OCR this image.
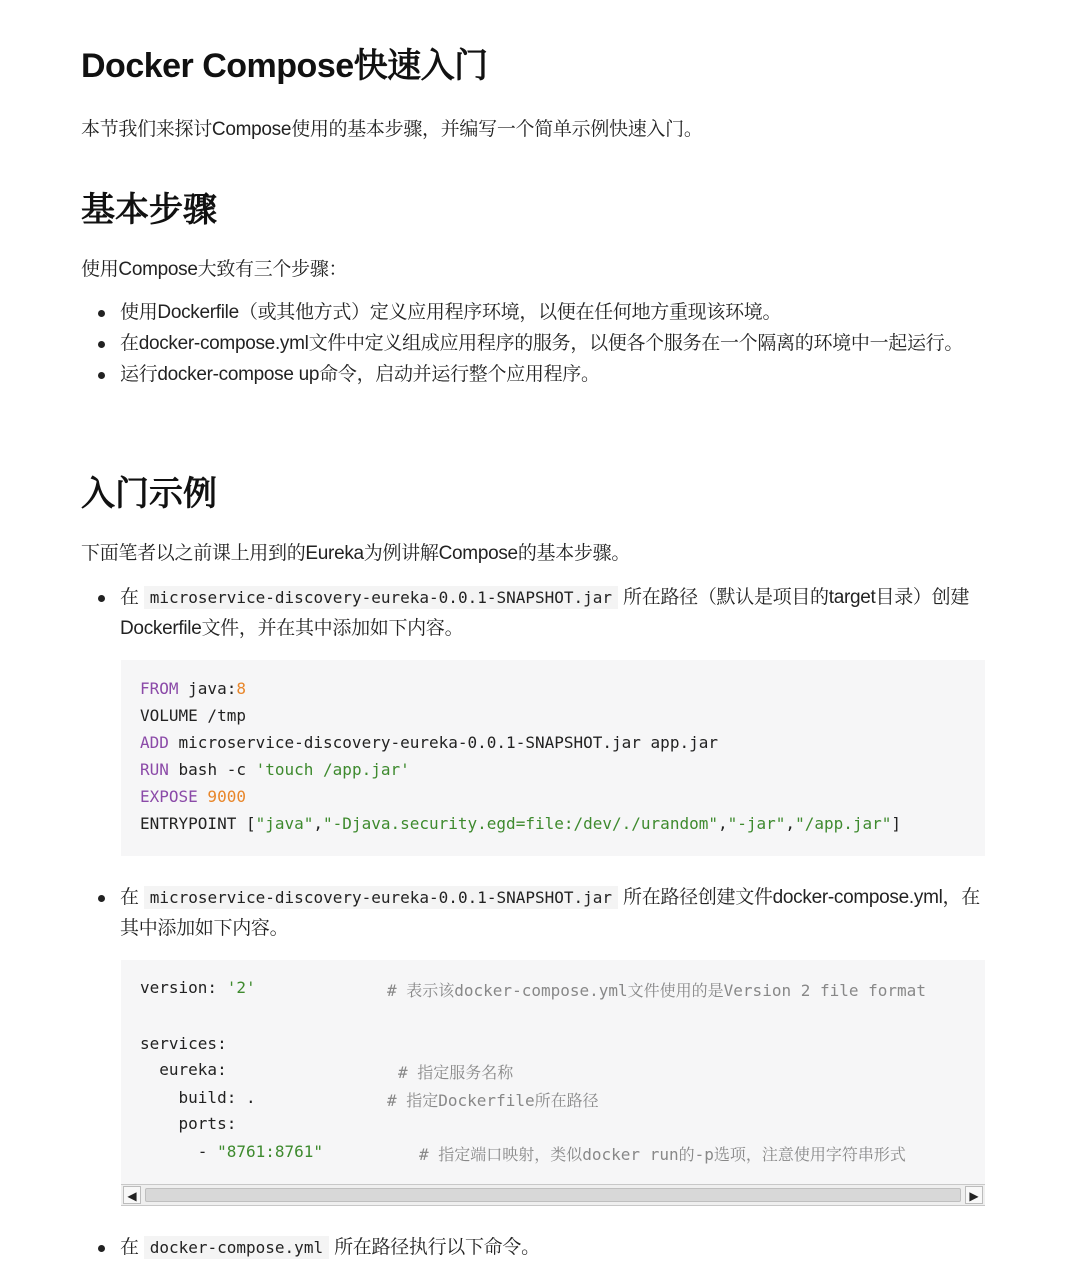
Docker Compose快速入门

本节我们来探讨Compose使用的基本步骤，并编写一个简单示例快速入门。

基本步骤

使用Compose大致有三个步骤：

使用Dockerfile（或其他方式）定义应用程序环境，以便在任何地方重现该环境。
在docker-compose.yml文件中定义组成应用程序的服务，以便各个服务在一个隔离的环境中一起运行。
运行docker-compose up命令，启动并运行整个应用程序。
入门示例

下面笔者以之前课上用到的Eureka为例讲解Compose的基本步骤。

在 microservice-discovery-eureka-0.0.1-SNAPSHOT.jar 所在路径（默认是项目的target目录）创建Dockerfile文件，并在其中添加如下内容。
FROM java:8
VOLUME /tmp
ADD microservice-discovery-eureka-0.0.1-SNAPSHOT.jar app.jar
RUN bash -c 'touch /app.jar'
EXPOSE 9000
ENTRYPOINT ["java","-Djava.security.egd=file:/dev/./urandom","-jar","/app.jar"]
在 microservice-discovery-eureka-0.0.1-SNAPSHOT.jar 所在路径创建文件docker-compose.yml，在其中添加如下内容。
version: '2'	# 表示该docker-compose.yml文件使用的是Version 2 file format
services:
eureka:	# 指定服务名称
build: .	# 指定Dockerfile所在路径
ports:
- "8761:8761"	# 指定端口映射，类似docker run的-p选项，注意使用字符串形式
◀	▶
在 docker-compose.yml 所在路径执行以下命令。
